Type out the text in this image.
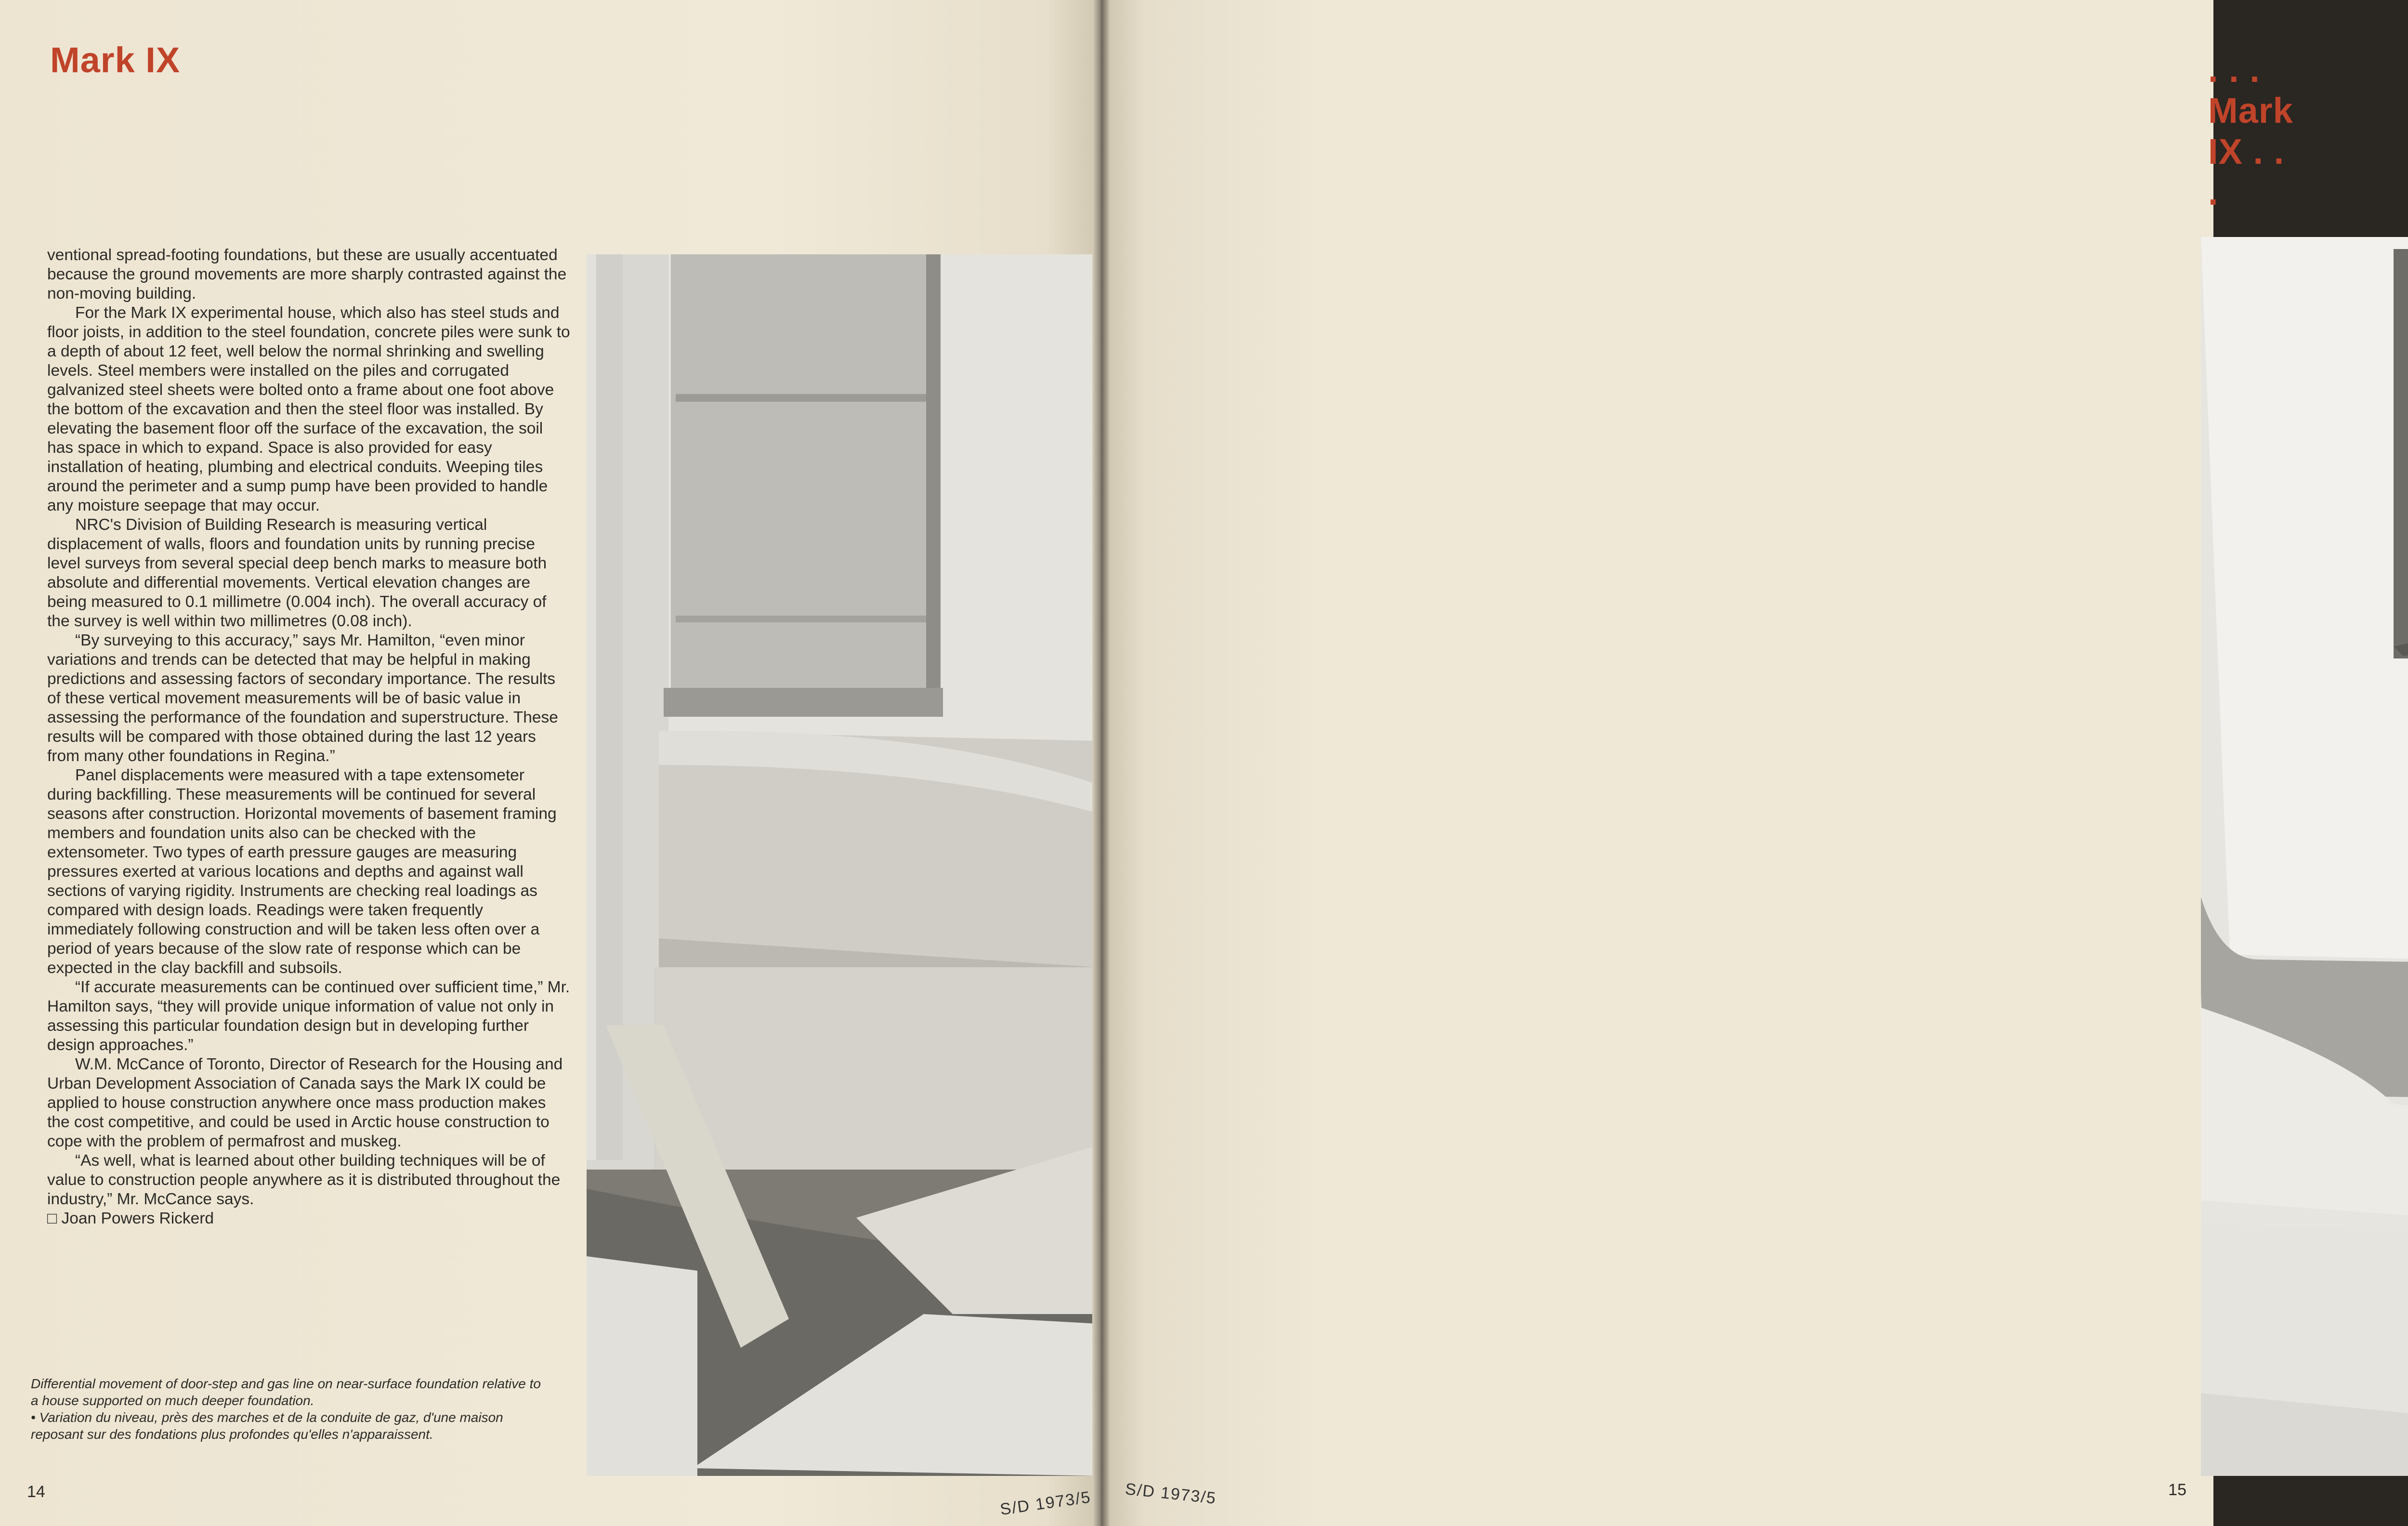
Mark IX

ventional spread-footing foundations, but these are usually accentuated because the ground movements are more sharply contrasted against the non-moving building.

For the Mark IX experimental house, which also has steel studs and floor joists, in addition to the steel foundation, concrete piles were sunk to a depth of about 12 feet, well below the normal shrinking and swelling levels. Steel members were installed on the piles and corrugated galvanized steel sheets were bolted onto a frame about one foot above the bottom of the excavation and then the steel floor was installed. By elevating the basement floor off the surface of the excavation, the soil has space in which to expand. Space is also provided for easy installation of heating, plumbing and electrical conduits. Weeping tiles around the perimeter and a sump pump have been provided to handle any moisture seepage that may occur.

NRC's Division of Building Research is measuring vertical displacement of walls, floors and foundation units by running precise level surveys from several special deep bench marks to measure both absolute and differential movements. Vertical elevation changes are being measured to 0.1 millimetre (0.004 inch). The overall accuracy of the survey is well within two millimetres (0.08 inch).

“By surveying to this accuracy,” says Mr. Hamilton, “even minor variations and trends can be detected that may be helpful in making predictions and assessing factors of secondary importance. The results of these vertical movement measurements will be of basic value in assessing the performance of the foundation and superstructure. These results will be compared with those obtained during the last 12 years from many other foundations in Regina.”

Panel displacements were measured with a tape extensometer during backfilling. These measurements will be continued for several seasons after construction. Horizontal movements of basement framing members and foundation units also can be checked with the extensometer. Two types of earth pressure gauges are measuring pressures exerted at various locations and depths and against wall sections of varying rigidity. Instruments are checking real loadings as compared with design loads. Readings were taken frequently immediately following construction and will be taken less often over a period of years because of the slow rate of response which can be expected in the clay backfill and subsoils.

“If accurate measurements can be continued over sufficient time,” Mr. Hamilton says, “they will provide unique information of value not only in assessing this particular foundation design but in developing further design approaches.”

W.M. McCance of Toronto, Director of Research for the Housing and Urban Development Association of Canada says the Mark IX could be applied to house construction anywhere once mass production makes the cost competitive, and could be used in Arctic house construction to cope with the problem of permafrost and muskeg.

“As well, what is learned about other building techniques will be of value to construction people anywhere as it is distributed throughout the industry,” Mr. McCance says.

□ Joan Powers Rickerd

Differential movement of door-step and gas line on near-surface foundation relative to a house supported on much deeper foundation.

• Variation du niveau, près des marches et de la conduite de gaz, d'une maison reposant sur des fondations plus profondes qu'elles n'apparaissent.

14
. . . Mark IX . . .
15
S/D 1973/5 S/D 1973/5
